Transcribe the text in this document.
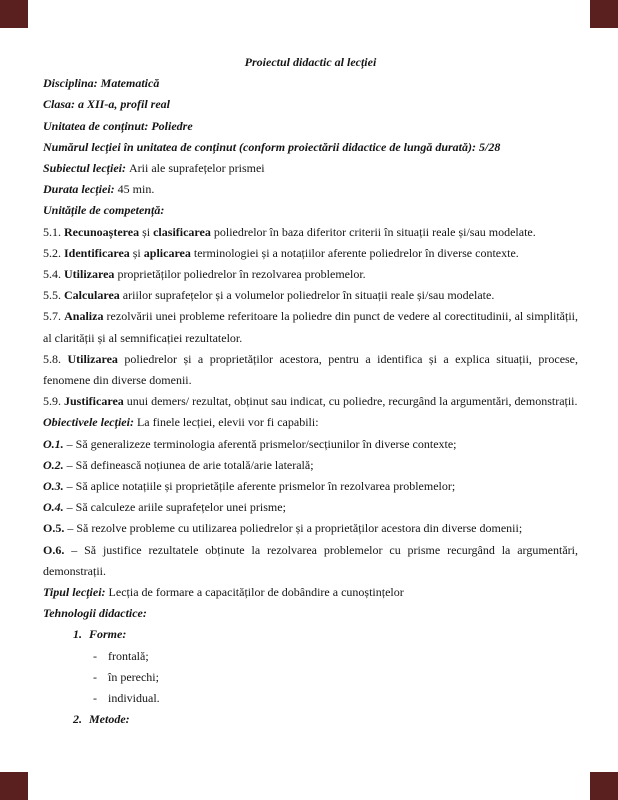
Proiectul didactic al lecției

Disciplina: Matematică

Clasa: a XII-a, profil real

Unitatea de conținut: Poliedre

Numărul lecției în unitatea de conținut (conform proiectării didactice de lungă durată): 5/28

Subiectul lecției: Arii ale suprafețelor prismei

Durata lecției: 45 min.

Unitățile de competență:

5.1. Recunoașterea și clasificarea poliedrelor în baza diferitor criterii în situații reale și/sau modelate.

5.2. Identificarea și aplicarea terminologiei și a notațiilor aferente poliedrelor în diverse contexte.

5.4. Utilizarea proprietăților poliedrelor în rezolvarea problemelor.

5.5. Calcularea ariilor suprafețelor și a volumelor poliedrelor în situații reale și/sau modelate.

5.7. Analiza rezolvării unei probleme referitoare la poliedre din punct de vedere al corectitudinii, al simplității, al clarității și al semnificației rezultatelor.

5.8. Utilizarea poliedrelor și a proprietăților acestora, pentru a identifica și a explica situații, procese, fenomene din diverse domenii.

5.9. Justificarea unui demers/ rezultat, obținut sau indicat, cu poliedre, recurgând la argumentări, demonstrații.

Obiectivele lecției: La finele lecției, elevii vor fi capabili:

O.1. – Să generalizeze terminologia aferentă prismelor/secțiunilor în diverse contexte;

O.2. – Să definească noțiunea de arie totală/arie laterală;

O.3. – Să aplice notațiile și proprietățile aferente prismelor în rezolvarea problemelor;

O.4. – Să calculeze ariile suprafețelor unei prisme;

O.5. – Să rezolve probleme cu utilizarea poliedrelor și a proprietăților acestora din diverse domenii;

O.6. – Să justifice rezultatele obținute la rezolvarea problemelor cu prisme recurgând la argumentări, demonstrații.

Tipul lecției: Lecția de formare a capacităților de dobândire a cunoștințelor

Tehnologii didactice:

1. Forme:

- frontală;

- în perechi;

- individual.

2. Metode:
